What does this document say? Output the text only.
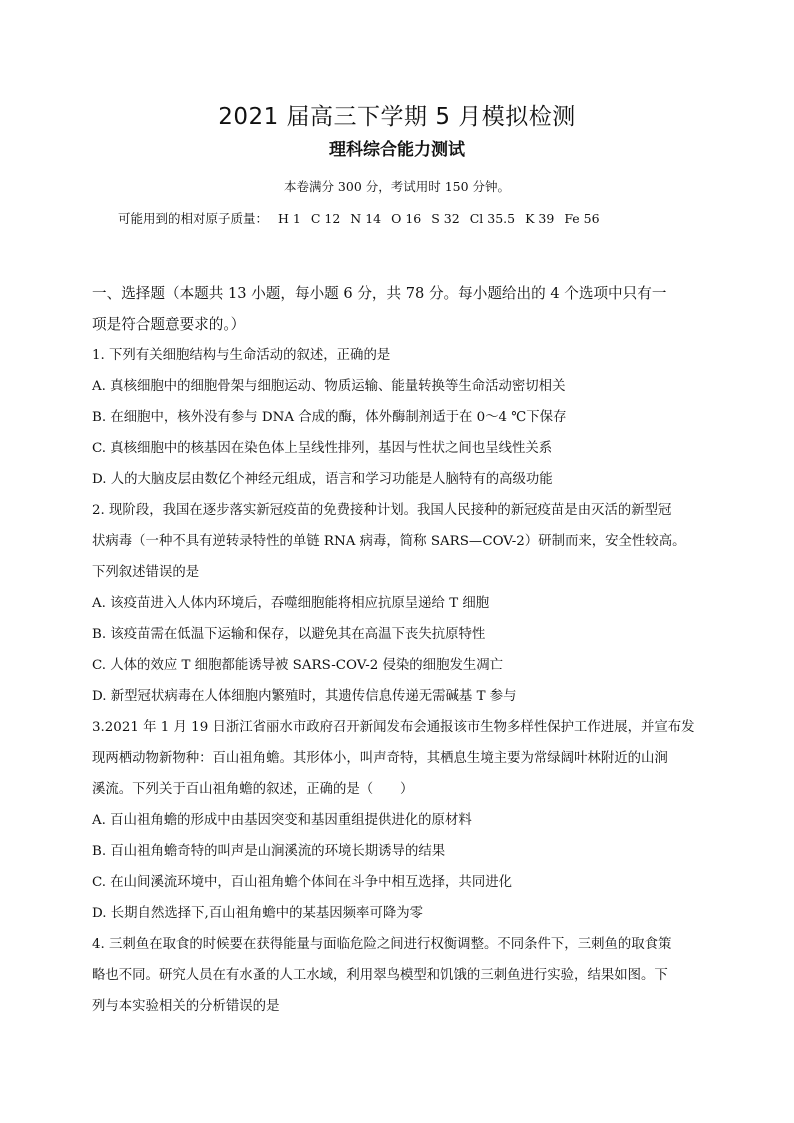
2021 届高三下学期 5 月模拟检测
理科综合能力测试
本卷满分 300 分，考试用时 150 分钟。
可能用到的相对原子质量： H 1 C 12 N 14 O 16 S 32 Cl 35.5 K 39 Fe 56

一、选择题（本题共 13 小题，每小题 6 分，共 78 分。每小题给出的 4 个选项中只有一

项是符合题意要求的。）

1. 下列有关细胞结构与生命活动的叙述，正确的是

A. 真核细胞中的细胞骨架与细胞运动、物质运输、能量转换等生命活动密切相关

B. 在细胞中，核外没有参与 DNA 合成的酶，体外酶制剂适于在 0～4 ℃下保存

C. 真核细胞中的核基因在染色体上呈线性排列，基因与性状之间也呈线性关系

D. 人的大脑皮层由数亿个神经元组成，语言和学习功能是人脑特有的高级功能

2. 现阶段，我国在逐步落实新冠疫苗的免费接种计划。我国人民接种的新冠疫苗是由灭活的新型冠

状病毒（一种不具有逆转录特性的单链 RNA 病毒，简称 SARS—COV-2）研制而来，安全性较高。

下列叙述错误的是

A. 该疫苗进入人体内环境后，吞噬细胞能将相应抗原呈递给 T 细胞

B. 该疫苗需在低温下运输和保存，以避免其在高温下丧失抗原特性

C. 人体的效应 T 细胞都能诱导被 SARS-COV-2 侵染的细胞发生凋亡

D. 新型冠状病毒在人体细胞内繁殖时，其遗传信息传递无需碱基 T 参与

3.2021 年 1 月 19 日浙江省丽水市政府召开新闻发布会通报该市生物多样性保护工作进展，并宣布发

现两栖动物新物种：百山祖角蟾。其形体小，叫声奇特，其栖息生境主要为常绿阔叶林附近的山涧

溪流。下列关于百山祖角蟾的叙述，正确的是（　　）

A. 百山祖角蟾的形成中由基因突变和基因重组提供进化的原材料

B. 百山祖角蟾奇特的叫声是山涧溪流的环境长期诱导的结果

C. 在山间溪流环境中，百山祖角蟾个体间在斗争中相互选择，共同进化

D. 长期自然选择下,百山祖角蟾中的某基因频率可降为零

4. 三刺鱼在取食的时候要在获得能量与面临危险之间进行权衡调整。不同条件下，三刺鱼的取食策

略也不同。研究人员在有水蚤的人工水域，利用翠鸟模型和饥饿的三刺鱼进行实验，结果如图。下

列与本实验相关的分析错误的是
